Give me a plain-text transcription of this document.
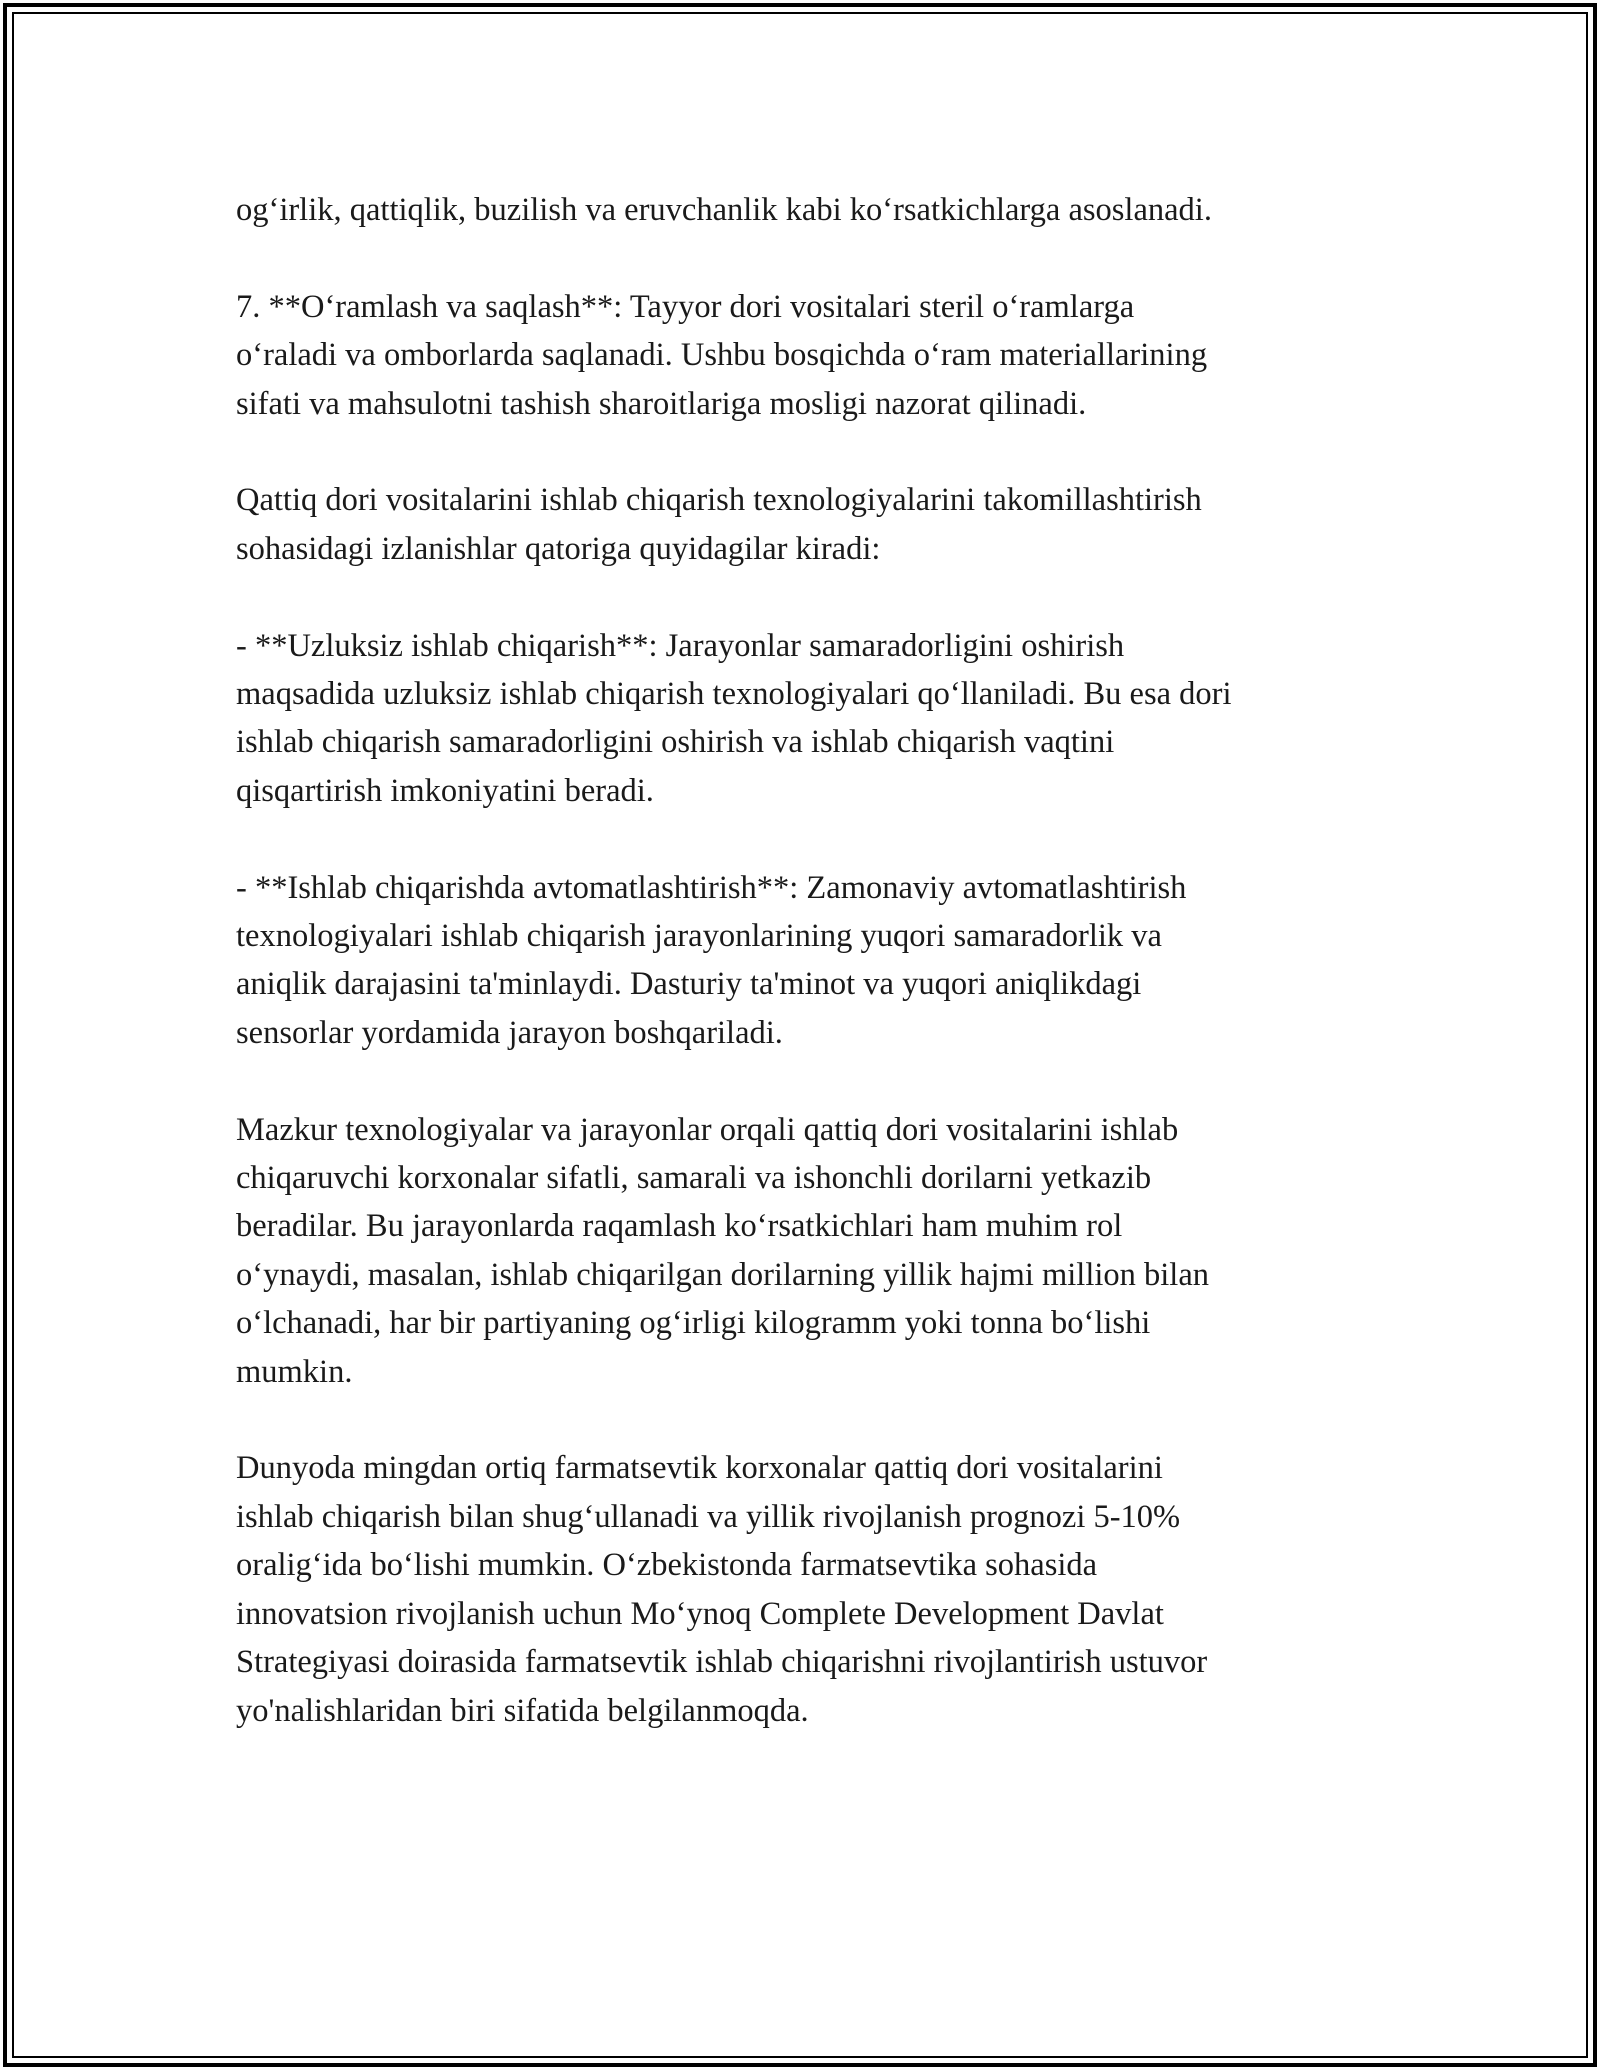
og‘irlik, qattiqlik, buzilish va eruvchanlik kabi ko‘rsatkichlarga asoslanadi.

7. **O‘ramlash va saqlash**: Tayyor dori vositalari steril o‘ramlarga
o‘raladi va omborlarda saqlanadi. Ushbu bosqichda o‘ram materiallarining
sifati va mahsulotni tashish sharoitlariga mosligi nazorat qilinadi.

Qattiq dori vositalarini ishlab chiqarish texnologiyalarini takomillashtirish
sohasidagi izlanishlar qatoriga quyidagilar kiradi:

- **Uzluksiz ishlab chiqarish**: Jarayonlar samaradorligini oshirish
maqsadida uzluksiz ishlab chiqarish texnologiyalari qo‘llaniladi. Bu esa dori
ishlab chiqarish samaradorligini oshirish va ishlab chiqarish vaqtini
qisqartirish imkoniyatini beradi.

- **Ishlab chiqarishda avtomatlashtirish**: Zamonaviy avtomatlashtirish
texnologiyalari ishlab chiqarish jarayonlarining yuqori samaradorlik va
aniqlik darajasini ta'minlaydi. Dasturiy ta'minot va yuqori aniqlikdagi
sensorlar yordamida jarayon boshqariladi.

Mazkur texnologiyalar va jarayonlar orqali qattiq dori vositalarini ishlab
chiqaruvchi korxonalar sifatli, samarali va ishonchli dorilarni yetkazib
beradilar. Bu jarayonlarda raqamlash ko‘rsatkichlari ham muhim rol
o‘ynaydi, masalan, ishlab chiqarilgan dorilarning yillik hajmi million bilan
o‘lchanadi, har bir partiyaning og‘irligi kilogramm yoki tonna bo‘lishi
mumkin.

Dunyoda mingdan ortiq farmatsevtik korxonalar qattiq dori vositalarini
ishlab chiqarish bilan shug‘ullanadi va yillik rivojlanish prognozi 5-10%
oralig‘ida bo‘lishi mumkin. O‘zbekistonda farmatsevtika sohasida
innovatsion rivojlanish uchun Mo‘ynoq Complete Development Davlat
Strategiyasi doirasida farmatsevtik ishlab chiqarishni rivojlantirish ustuvor
yo'nalishlaridan biri sifatida belgilanmoqda.
